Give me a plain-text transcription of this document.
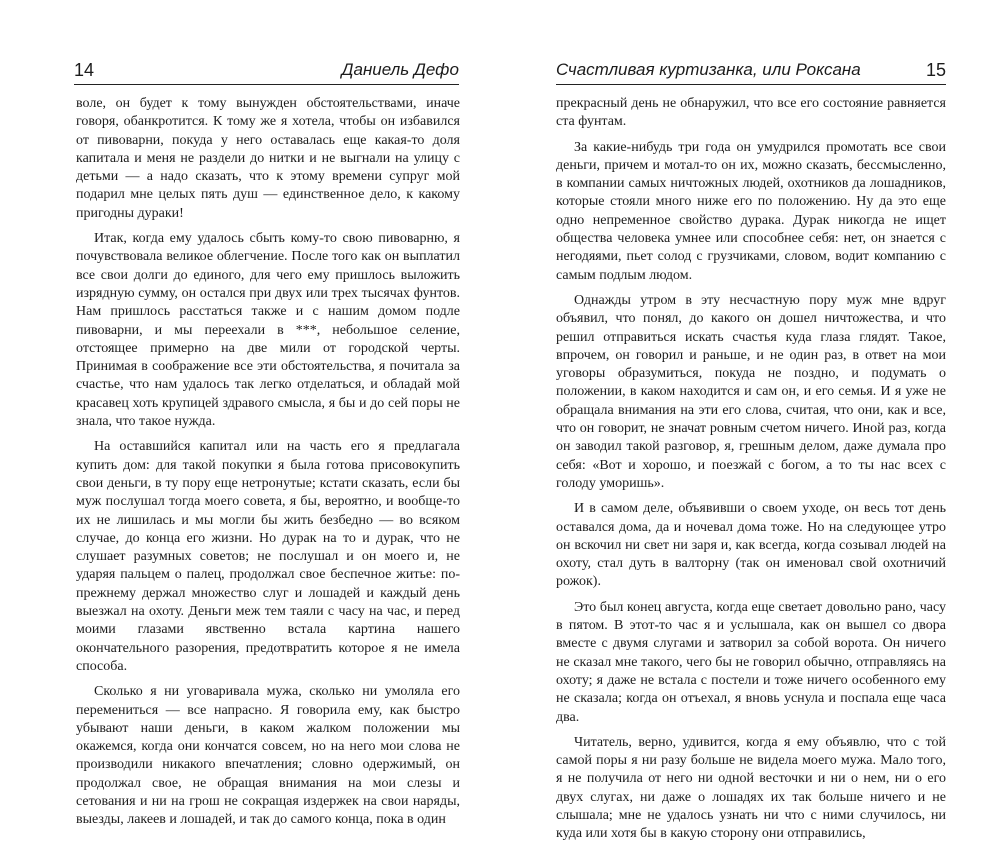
14	Даниель Дефо

воле, он будет к тому вынужден обстоятельствами, иначе говоря, обанкротится. К тому же я хотела, чтобы он избавился от пивоварни, покуда у него оставалась еще какая-то доля капитала и меня не раздели до нитки и не выгнали на улицу с детьми — а надо сказать, что к этому времени супруг мой подарил мне целых пять душ — единственное дело, к какому пригодны дураки!

Итак, когда ему удалось сбыть кому-то свою пивоварню, я почувствовала великое облегчение. После того как он выплатил все свои долги до единого, для чего ему пришлось выложить изрядную сумму, он остался при двух или трех тысячах фунтов. Нам пришлось расстаться также и с нашим домом подле пивоварни, и мы переехали в ***, небольшое селение, отстоящее примерно на две мили от городской черты. Принимая в соображение все эти обстоятельства, я почитала за счастье, что нам удалось так легко отделаться, и обладай мой красавец хоть крупицей здравого смысла, я бы и до сей поры не знала, что такое нужда.

На оставшийся капитал или на часть его я предлагала купить дом: для такой покупки я была готова присовокупить свои деньги, в ту пору еще нетронутые; кстати сказать, если бы муж послушал тогда моего совета, я бы, вероятно, и вообще-то их не лишилась и мы могли бы жить безбедно — во всяком случае, до конца его жизни. Но дурак на то и дурак, что не слушает разумных советов; не послушал и он моего и, не ударяя пальцем о палец, продолжал свое беспечное житье: по-прежнему держал множество слуг и лошадей и каждый день выезжал на охоту. Деньги меж тем таяли с часу на час, и перед моими глазами явственно встала картина нашего окончательного разорения, предотвратить которое я не имела способа.

Сколько я ни уговаривала мужа, сколько ни умоляла его перемениться — все напрасно. Я говорила ему, как быстро убывают наши деньги, в каком жалком положении мы окажемся, когда они кончатся совсем, но на него мои слова не производили никакого впечатления; словно одержимый, он продолжал свое, не обращая внимания на мои слезы и сетования и ни на грош не сокращая издержек на свои наряды, выезды, лакеев и лошадей, и так до самого конца, пока в один

Счастливая куртизанка, или Роксана	15

прекрасный день не обнаружил, что все его состояние равняется ста фунтам.

За какие-нибудь три года он умудрился промотать все свои деньги, причем и мотал-то он их, можно сказать, бессмысленно, в компании самых ничтожных людей, охотников да лошадников, которые стояли много ниже его по положению. Ну да это еще одно непременное свойство дурака. Дурак никогда не ищет общества человека умнее или способнее себя: нет, он знается с негодяями, пьет солод с грузчиками, словом, водит компанию с самым подлым людом.

Однажды утром в эту несчастную пору муж мне вдруг объявил, что понял, до какого он дошел ничтожества, и что решил отправиться искать счастья куда глаза глядят. Такое, впрочем, он говорил и раньше, и не один раз, в ответ на мои уговоры образумиться, покуда не поздно, и подумать о положении, в каком находится и сам он, и его семья. И я уже не обращала внимания на эти его слова, считая, что они, как и все, что он говорит, не значат ровным счетом ничего. Иной раз, когда он заводил такой разговор, я, грешным делом, даже думала про себя: «Вот и хорошо, и поезжай с богом, а то ты нас всех с голоду уморишь».

И в самом деле, объявивши о своем уходе, он весь тот день оставался дома, да и ночевал дома тоже. Но на следующее утро он вскочил ни свет ни заря и, как всегда, когда созывал людей на охоту, стал дуть в валторну (так он именовал свой охотничий рожок).

Это был конец августа, когда еще светает довольно рано, часу в пятом. В этот-то час я и услышала, как он вышел со двора вместе с двумя слугами и затворил за собой ворота. Он ничего не сказал мне такого, чего бы не говорил обычно, отправляясь на охоту; я даже не встала с постели и тоже ничего особенного ему не сказала; когда он отъехал, я вновь уснула и поспала еще часа два.

Читатель, верно, удивится, когда я ему объявлю, что с той самой поры я ни разу больше не видела моего мужа. Мало того, я не получила от него ни одной весточки и ни о нем, ни о его двух слугах, ни даже о лошадях их так больше ничего и не слышала; мне не удалось узнать ни что с ними случилось, ни куда или хотя бы в какую сторону они отправились,
